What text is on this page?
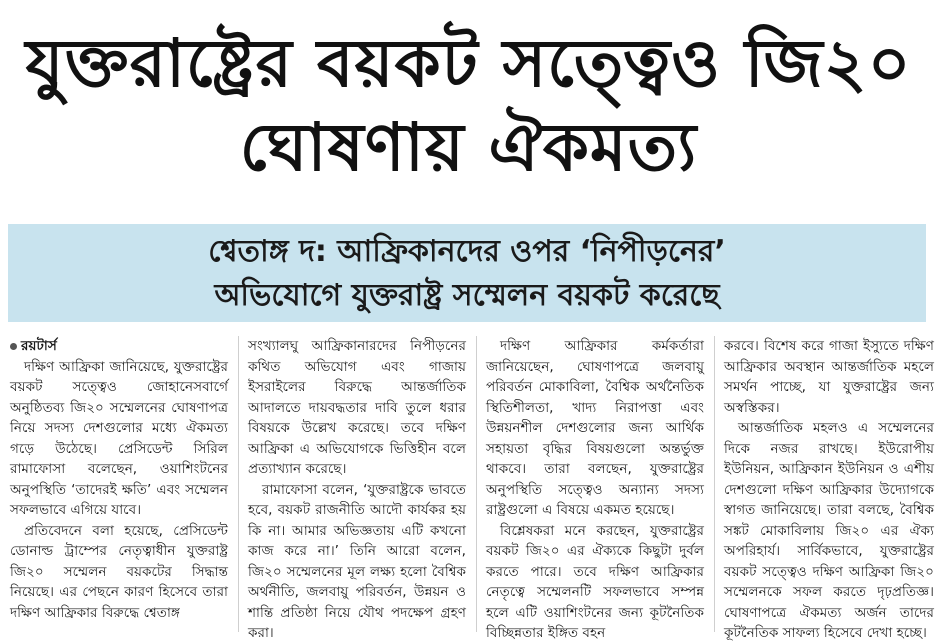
যুক্তরাষ্ট্রের বয়কট সত্ত্বেও জি২০
ঘোষণায় ঐকমত্য
শ্বেতাঙ্গ দ: আফ্রিকানদের ওপর ‘নিপীড়নের’
অভিযোগে যুক্তরাষ্ট্র সম্মেলন বয়কট করেছে
রয়টার্স

দক্ষিণ আফ্রিকা জানিয়েছে, যুক্তরাষ্ট্রের বয়কট সত্ত্বেও জোহানেসবার্গে অনুষ্ঠিতব্য জি২০ সম্মেলনের ঘোষণাপত্র নিয়ে সদস্য দেশগুলোর মধ্যে ঐকমত্য গড়ে উঠেছে। প্রেসিডেন্ট সিরিল রামাফোসা বলেছেন, ওয়াশিংটনের অনুপস্থিতি ‘তাদেরই ক্ষতি’ এবং সম্মেলন সফলভাবে এগিয়ে যাবে।

প্রতিবেদনে বলা হয়েছে, প্রেসিডেন্ট ডোনাল্ড ট্রাম্পের নেতৃত্বাধীন যুক্তরাষ্ট্র জি২০ সম্মেলন বয়কটের সিদ্ধান্ত নিয়েছে। এর পেছনে কারণ হিসেবে তারা দক্ষিণ আফ্রিকার বিরুদ্ধে শ্বেতাঙ্গ

সংখ্যালঘু আফ্রিকানারদের নিপীড়নের কথিত অভিযোগ এবং গাজায় ইসরাইলের বিরুদ্ধে আন্তর্জাতিক আদালতে দায়বদ্ধতার দাবি তুলে ধরার বিষয়কে উল্লেখ করেছে। তবে দক্ষিণ আফ্রিকা এ অভিযোগকে ভিত্তিহীন বলে প্রত্যাখ্যান করেছে।

রামাফোসা বলেন, ‘যুক্তরাষ্ট্রকে ভাবতে হবে, বয়কট রাজনীতি আদৌ কার্যকর হয় কি না। আমার অভিজ্ঞতায় এটি কখনো কাজ করে না।’ তিনি আরো বলেন, জি২০ সম্মেলনের মূল লক্ষ্য হলো বৈশ্বিক অর্থনীতি, জলবায়ু পরিবর্তন, উন্নয়ন ও শান্তি প্রতিষ্ঠা নিয়ে যৌথ পদক্ষেপ গ্রহণ করা।

দক্ষিণ আফ্রিকার কর্মকর্তারা জানিয়েছেন, ঘোষণাপত্রে জলবায়ু পরিবর্তন মোকাবিলা, বৈশ্বিক অর্থনৈতিক স্থিতিশীলতা, খাদ্য নিরাপত্তা এবং উন্নয়নশীল দেশগুলোর জন্য আর্থিক সহায়তা বৃদ্ধির বিষয়গুলো অন্তর্ভুক্ত থাকবে। তারা বলছেন, যুক্তরাষ্ট্রের অনুপস্থিতি সত্ত্বেও অন্যান্য সদস্য রাষ্ট্রগুলো এ বিষয়ে একমত হয়েছে।

বিশ্লেষকরা মনে করছেন, যুক্তরাষ্ট্রের বয়কট জি২০ এর ঐক্যকে কিছুটা দুর্বল করতে পারে। তবে দক্ষিণ আফ্রিকার নেতৃত্বে সম্মেলনটি সফলভাবে সম্পন্ন হলে এটি ওয়াশিংটনের জন্য কূটনৈতিক বিচ্ছিন্নতার ইঙ্গিত বহন

করবে। বিশেষ করে গাজা ইস্যুতে দক্ষিণ আফ্রিকার অবস্থান আন্তর্জাতিক মহলে সমর্থন পাচ্ছে, যা যুক্তরাষ্ট্রের জন্য অস্বস্তিকর।

আন্তর্জাতিক মহলও এ সম্মেলনের দিকে নজর রাখছে। ইউরোপীয় ইউনিয়ন, আফ্রিকান ইউনিয়ন ও এশীয় দেশগুলো দক্ষিণ আফ্রিকার উদ্যোগকে স্বাগত জানিয়েছে। তারা বলছে, বৈশ্বিক সঙ্কট মোকাবিলায় জি২০ এর ঐক্য অপরিহার্য। সার্বিকভাবে, যুক্তরাষ্ট্রের বয়কট সত্ত্বেও দক্ষিণ আফ্রিকা জি২০ সম্মেলনকে সফল করতে দৃঢ়প্রতিজ্ঞ। ঘোষণাপত্রে ঐকমত্য অর্জন তাদের কূটনৈতিক সাফল্য হিসেবে দেখা হচ্ছে।
